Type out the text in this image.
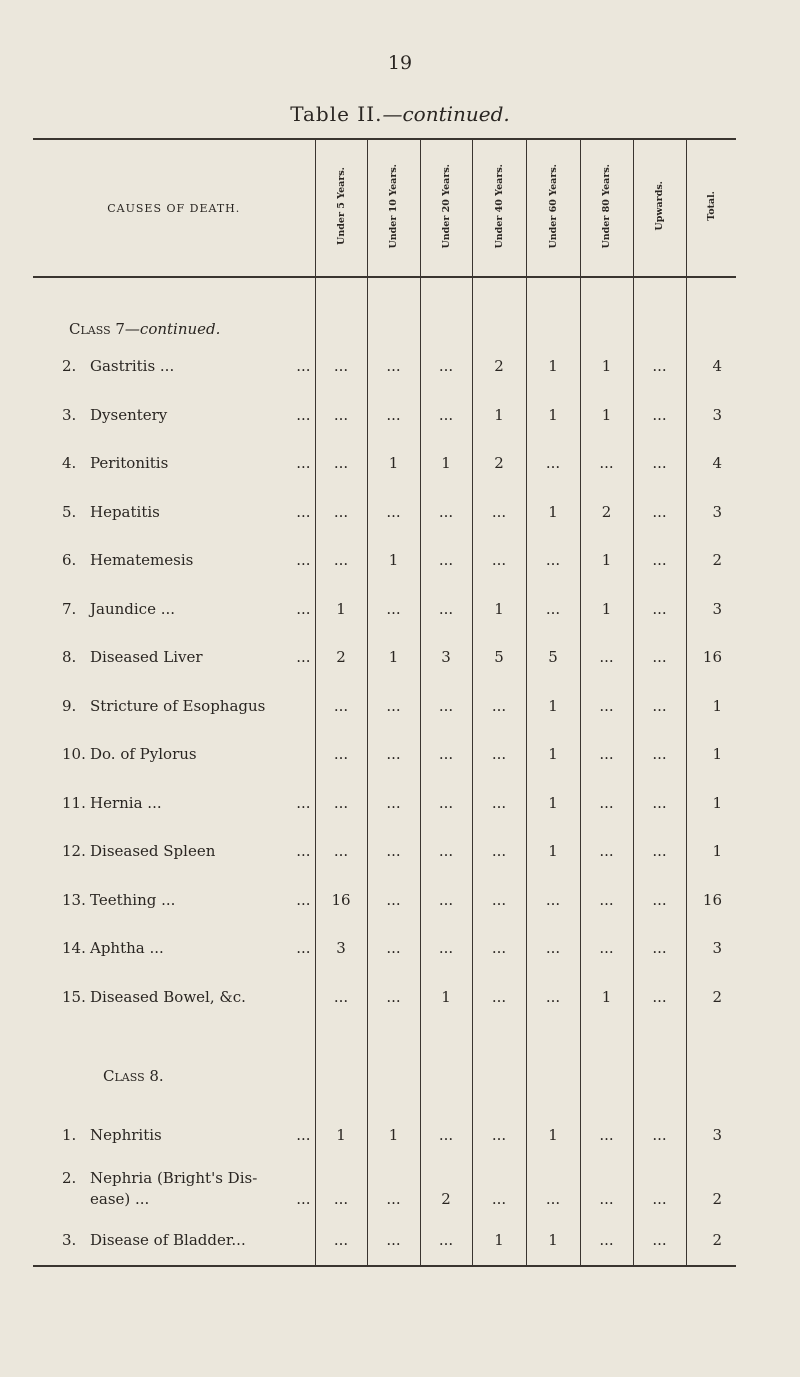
19
Table II.—continued.
CAUSES OF DEATH.	Under 5 Years.	Under 10 Years.	Under 20 Years.	Under 40 Years.	Under 60 Years.	Under 80 Years.	Upwards.	Total.
Class 7—continued.								
2. Gastritis ... ...	...	...	...	2	1	1	...	4
3. Dysentery ...	...	...	...	1	1	1	...	3
4. Peritonitis ...	...	1	1	2	...	...	...	4
5. Hepatitis ...	...	...	...	...	1	2	...	3
6. Hematemesis ...	...	1	...	...	...	1	...	2
7. Jaundice ... ...	1	...	...	1	...	1	...	3
8. Diseased Liver ...	2	1	3	5	5	...	...	16
9. Stricture of Esophagus	...	...	...	...	1	...	...	1
10. Do. of Pylorus	...	...	...	...	1	...	...	1
11. Hernia ... ...	...	...	...	...	1	...	...	1
12. Diseased Spleen ...	...	...	...	...	1	...	...	1
13. Teething ... ...	16	...	...	...	...	...	...	16
14. Aphtha ... ...	3	...	...	...	...	...	...	3
15. Diseased Bowel, &c.	...	...	1	...	...	1	...	2
Class 8.								
1. Nephritis ...	1	1	...	...	1	...	...	3
2. Nephria (Bright's Dis-
ease) ... ...	...	...	2	...	...	...	...	2
3. Disease of Bladder...	...	...	...	1	1	...	...	2
